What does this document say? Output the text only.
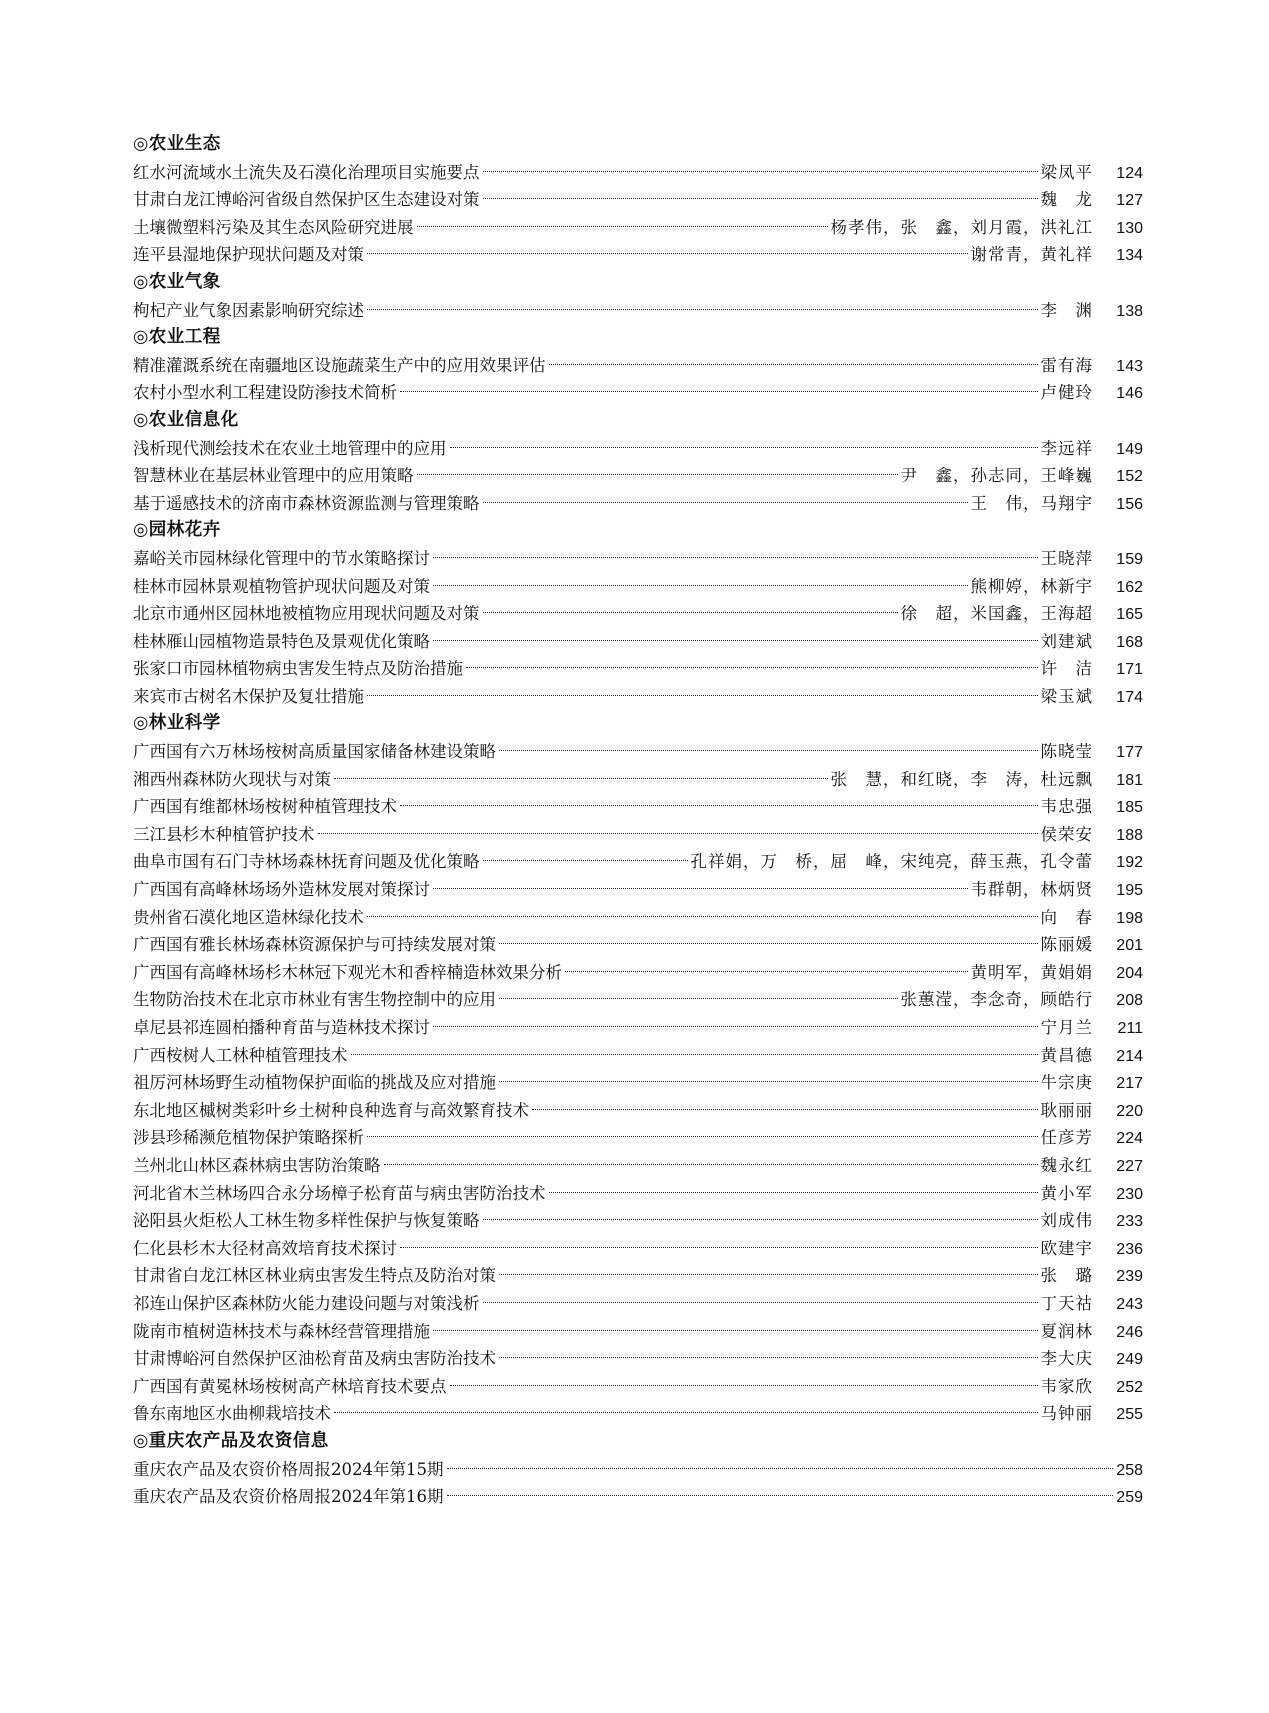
◎农业生态
红水河流域水土流失及石漠化治理项目实施要点	梁凤平	124
甘肃白龙江博峪河省级自然保护区生态建设对策	魏　龙	127
土壤微塑料污染及其生态风险研究进展	杨孝伟，张　鑫，刘月霞，洪礼江	130
连平县湿地保护现状问题及对策	谢常青，黄礼祥	134
◎农业气象
枸杞产业气象因素影响研究综述	李　渊	138
◎农业工程
精准灌溉系统在南疆地区设施蔬菜生产中的应用效果评估	雷有海	143
农村小型水利工程建设防渗技术简析	卢健玲	146
◎农业信息化
浅析现代测绘技术在农业土地管理中的应用	李远祥	149
智慧林业在基层林业管理中的应用策略	尹　鑫，孙志同，王峰巍	152
基于遥感技术的济南市森林资源监测与管理策略	王　伟，马翔宇	156
◎园林花卉
嘉峪关市园林绿化管理中的节水策略探讨	王晓萍	159
桂林市园林景观植物管护现状问题及对策	熊柳婷，林新宇	162
北京市通州区园林地被植物应用现状问题及对策	徐　超，米国鑫，王海超	165
桂林雁山园植物造景特色及景观优化策略	刘建斌	168
张家口市园林植物病虫害发生特点及防治措施	许　洁	171
来宾市古树名木保护及复壮措施	梁玉斌	174
◎林业科学
广西国有六万林场桉树高质量国家储备林建设策略	陈晓莹	177
湘西州森林防火现状与对策	张　慧，和红晓，李　涛，杜远飘	181
广西国有维都林场桉树种植管理技术	韦忠强	185
三江县杉木种植管护技术	侯荣安	188
曲阜市国有石门寺林场森林抚育问题及优化策略	孔祥娟，万　桥，屈　峰，宋纯亮，薛玉燕，孔令蕾	192
广西国有高峰林场场外造林发展对策探讨	韦群朝，林炳贤	195
贵州省石漠化地区造林绿化技术	向　春	198
广西国有雅长林场森林资源保护与可持续发展对策	陈丽媛	201
广西国有高峰林场杉木林冠下观光木和香梓楠造林效果分析	黄明军，黄娟娟	204
生物防治技术在北京市林业有害生物控制中的应用	张蕙滢，李念奇，顾皓行	208
卓尼县祁连圆柏播种育苗与造林技术探讨	宁月兰	211
广西桉树人工林种植管理技术	黄昌德	214
祖厉河林场野生动植物保护面临的挑战及应对措施	牛宗庚	217
东北地区槭树类彩叶乡土树种良种选育与高效繁育技术	耿丽丽	220
涉县珍稀濒危植物保护策略探析	任彦芳	224
兰州北山林区森林病虫害防治策略	魏永红	227
河北省木兰林场四合永分场樟子松育苗与病虫害防治技术	黄小军	230
泌阳县火炬松人工林生物多样性保护与恢复策略	刘成伟	233
仁化县杉木大径材高效培育技术探讨	欧建宇	236
甘肃省白龙江林区林业病虫害发生特点及防治对策	张　璐	239
祁连山保护区森林防火能力建设问题与对策浅析	丁天祜	243
陇南市植树造林技术与森林经营管理措施	夏润林	246
甘肃博峪河自然保护区油松育苗及病虫害防治技术	李大庆	249
广西国有黄冕林场桉树高产林培育技术要点	韦家欣	252
鲁东南地区水曲柳栽培技术	马钟丽	255
◎重庆农产品及农资信息
重庆农产品及农资价格周报2024年第15期	258
重庆农产品及农资价格周报2024年第16期	259
